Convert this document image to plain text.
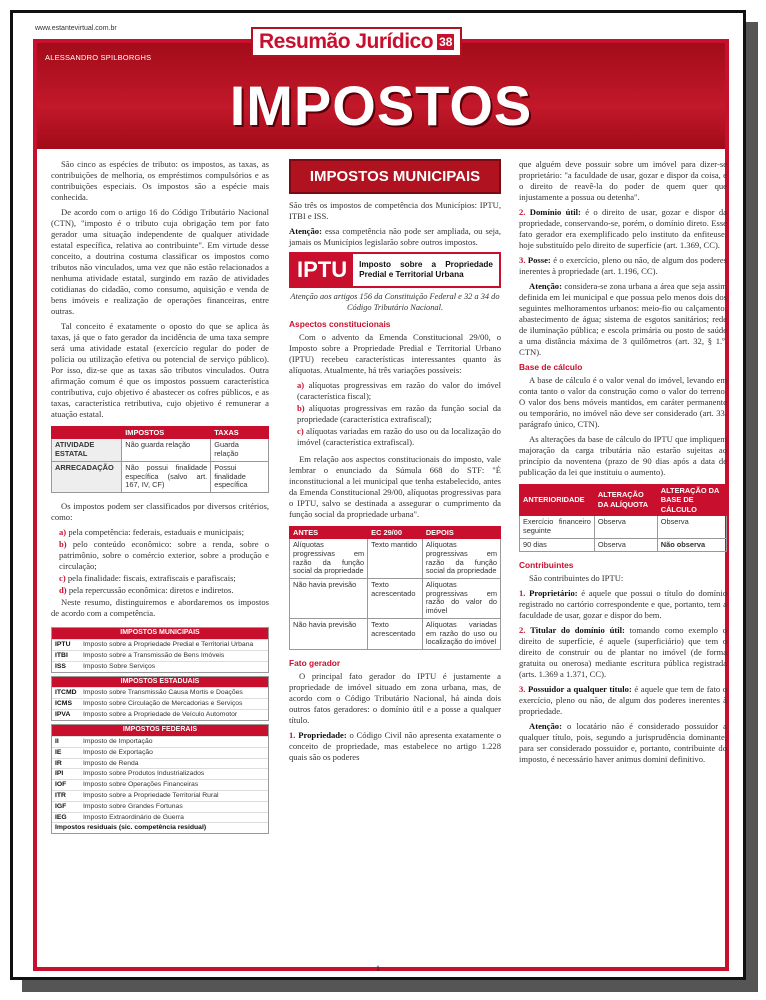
www.estantevirtual.com.br
ALESSANDRO SPILBORGHS
Resumão Jurídico 38
IMPOSTOS

São cinco as espécies de tributo: os impostos, as taxas, as contribuições de melhoria, os empréstimos compulsórios e as contribuições especiais. Os impostos são a espécie mais conhecida.

De acordo com o artigo 16 do Código Tributário Nacional (CTN), "imposto é o tributo cuja obrigação tem por fato gerador uma situação independente de qualquer atividade estatal específica, relativa ao contribuinte". Em virtude desse conceito, a doutrina costuma classificar os impostos como tributos não vinculados, uma vez que não estão relacionados a nenhuma atividade estatal, surgindo em razão de atividades cotidianas do cidadão, como consumo, aquisição e venda de bens imóveis e realização de operações financeiras, entre outras.

Tal conceito é exatamente o oposto do que se aplica às taxas, já que o fato gerador da incidência de uma taxa sempre será uma atividade estatal (exercício regular do poder de polícia ou utilização efetiva ou potencial de serviço público). Por isso, diz-se que as taxas são tributos vinculados. Outra afirmação comum é que os impostos possuem característica contributiva, cujo objetivo é abastecer os cofres públicos, e as taxas, característica retributiva, cujo objetivo é remunerar a atuação estatal.

	IMPOSTOS	TAXAS
ATIVIDADE ESTATAL	Não guarda relação	Guarda relação
ARRECADAÇÃO	Não possui finalidade específica (salvo art. 167, IV, CF)	Possui finalidade específica

Os impostos podem ser classificados por diversos critérios, como:

a) pela competência: federais, estaduais e municipais;

b) pelo conteúdo econômico: sobre a renda, sobre o patrimônio, sobre o comércio exterior, sobre a produção e circulação;

c) pela finalidade: fiscais, extrafiscais e parafiscais;

d) pela repercussão econômica: diretos e indiretos.

Neste resumo, distinguiremos e abordaremos os impostos de acordo com a competência.

IMPOSTOS MUNICIPAIS
IPTU	Imposto sobre a Propriedade Predial e Territorial Urbana
ITBI	Imposto sobre a Transmissão de Bens Imóveis
ISS	Imposto Sobre Serviços
IMPOSTOS ESTADUAIS
ITCMD Imposto sobre Transmissão Causa Mortis e Doações
ICMS	Imposto sobre Circulação de Mercadorias e Serviços
IPVA	Imposto sobre a Propriedade de Veículo Automotor
IMPOSTOS FEDERAIS
II	Imposto de Importação
IE	Imposto de Exportação
IR	Imposto de Renda
IPI	Imposto sobre Produtos Industrializados
IOF	Imposto sobre Operações Financeiras
ITR	Imposto sobre a Propriedade Territorial Rural
IGF	Imposto sobre Grandes Fortunas
IEG	Imposto Extraordinário de Guerra
Impostos residuais (sic. competência residual)
IMPOSTOS MUNICIPAIS

São três os impostos de competência dos Municípios: IPTU, ITBI e ISS.

Atenção: essa competência não pode ser ampliada, ou seja, jamais os Municípios legislarão sobre outros impostos.

IPTU	Imposto sobre a Propriedade Predial e Territorial Urbana
Atenção aos artigos 156 da Constituição Federal e 32 a 34 do Código Tributário Nacional.
Aspectos constitucionais

Com o advento da Emenda Constitucional 29/00, o Imposto sobre a Propriedade Predial e Territorial Urbano (IPTU) recebeu características interessantes quanto às alíquotas. Atualmente, há três variações possíveis:

a) alíquotas progressivas em razão do valor do imóvel (característica fiscal);

b) alíquotas progressivas em razão da função social da propriedade (característica extrafiscal);

c) alíquotas variadas em razão do uso ou da localização do imóvel (característica extrafiscal).

Em relação aos aspectos constitucionais do imposto, vale lembrar o enunciado da Súmula 668 do STF: "É inconstitucional a lei municipal que tenha estabelecido, antes da Emenda Constitucional 29/00, alíquotas progressivas para o IPTU, salvo se destinada a assegurar o cumprimento da função social da propriedade urbana".

ANTES	EC 29/00	DEPOIS
Alíquotas progressivas em razão da função social da propriedade	Texto mantido	Alíquotas progressivas em razão da função social da propriedade
Não havia previsão	Texto acrescentado	Alíquotas progressivas em razão do valor do imóvel
Não havia previsão	Texto acrescentado	Alíquotas variadas em razão do uso ou localização do imóvel
Fato gerador

O principal fato gerador do IPTU é justamente a propriedade de imóvel situado em zona urbana, mas, de acordo com o Código Tributário Nacional, há ainda dois outros fatos geradores: o domínio útil e a posse a qualquer título.

1. Propriedade: o Código Civil não apresenta exatamente o conceito de propriedade, mas estabelece no artigo 1.228 quais são os poderes

que alguém deve possuir sobre um imóvel para dizer-se proprietário: "a faculdade de usar, gozar e dispor da coisa, e o direito de reavê-la do poder de quem quer que injustamente a possua ou detenha".

2. Domínio útil: é o direito de usar, gozar e dispor da propriedade, conservando-se, porém, o domínio direto. Esse fato gerador era exemplificado pelo instituto da enfiteuse, hoje substituído pelo direito de superfície (art. 1.369, CC).

3. Posse: é o exercício, pleno ou não, de algum dos poderes inerentes à propriedade (art. 1.196, CC).

Atenção: considera-se zona urbana a área que seja assim definida em lei municipal e que possua pelo menos dois dos seguintes melhoramentos urbanos: meio-fio ou calçamento; abastecimento de água; sistema de esgotos sanitários; rede de iluminação pública; e escola primária ou posto de saúde a uma distância máxima de 3 quilômetros (art. 32, § 1.º, CTN).

Base de cálculo

A base de cálculo é o valor venal do imóvel, levando em conta tanto o valor da construção como o valor do terreno. O valor dos bens móveis mantidos, em caráter permanente ou temporário, no imóvel não deve ser considerado (art. 33, parágrafo único, CTN).

As alterações da base de cálculo do IPTU que impliquem majoração da carga tributária não estarão sujeitas ao princípio da noventena (prazo de 90 dias após a data de publicação da lei que instituiu o aumento).

ANTERIORIDADE	ALTERAÇÃO DA ALÍQUOTA	ALTERAÇÃO DA BASE DE CÁLCULO
Exercício financeiro seguinte	Observa	Observa
90 dias	Observa	Não observa
Contribuintes

São contribuintes do IPTU:

1. Proprietário: é aquele que possui o título do domínio registrado no cartório correspondente e que, portanto, tem a faculdade de usar, gozar e dispor do bem.

2. Titular do domínio útil: tomando como exemplo o direito de superfície, é aquele (superficiário) que tem o direito de construir ou de plantar no imóvel (de forma gratuita ou onerosa) mediante escritura pública registrada (arts. 1.369 a 1.371, CC).

3. Possuidor a qualquer título: é aquele que tem de fato o exercício, pleno ou não, de algum dos poderes inerentes à propriedade.

Atenção: o locatário não é considerado possuidor a qualquer título, pois, segundo a jurisprudência dominante, para ser considerado possuidor e, portanto, contribuinte do imposto, é necessário haver animus domini definitivo.

1
